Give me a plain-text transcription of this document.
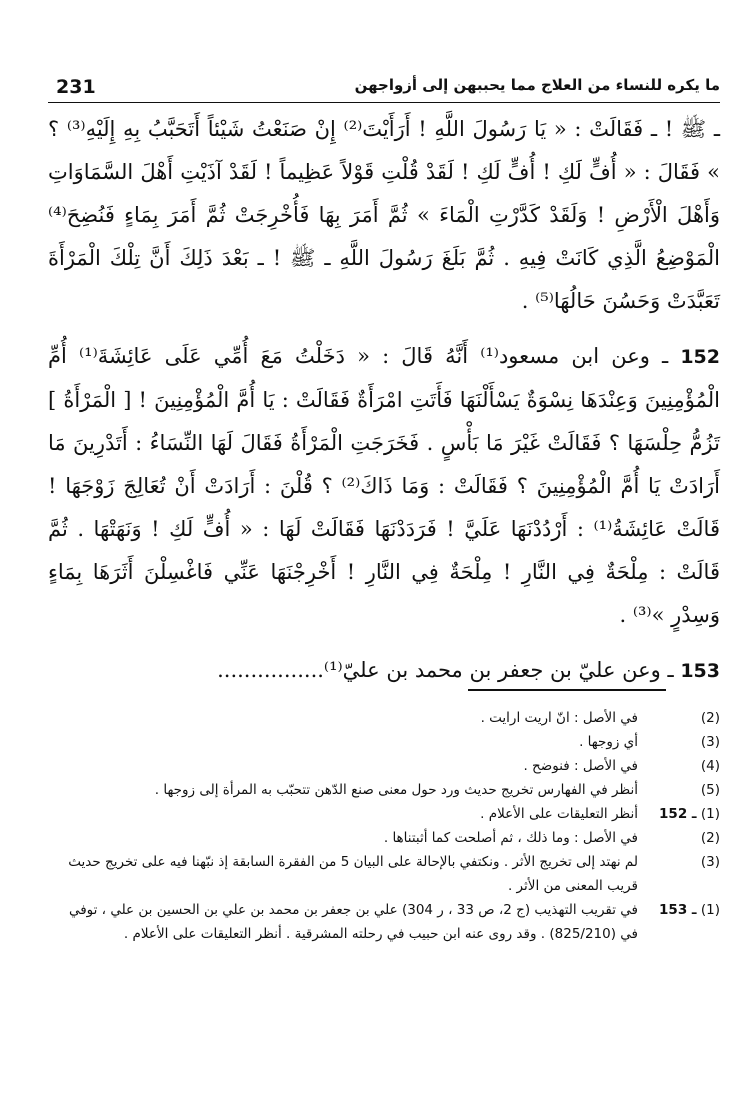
231	ما يكره للنساء من العلاج مما يحببهن إلى أزواجهن

ـ ﷺ ! ـ فَقَالَتْ : « يَا رَسُولَ اللَّهِ ! أَرَأَيْتَ⁽²⁾ إِنْ صَنَعْتُ شَيْئاً أَتَحَبَّبُ بِهِ إِلَيْهِ⁽³⁾ ؟ » فَقَالَ : « أُفٍّ لَكِ ! أُفٍّ لَكِ ! لَقَدْ قُلْتِ قَوْلاً عَظِيماً ! لَقَدْ آذَيْتِ أَهْلَ السَّمَاوَاتِ وَأَهْلَ الْأَرْضِ ! وَلَقَدْ كَدَّرْتِ الْمَاءَ » ثُمَّ أَمَرَ بِهَا فَأُخْرِجَتْ ثُمَّ أَمَرَ بِمَاءٍ فَنُضِحَ⁽⁴⁾ الْمَوْضِعُ الَّذِي كَانَتْ فِيهِ . ثُمَّ بَلَغَ رَسُولَ اللَّهِ ـ ﷺ ! ـ بَعْدَ ذَلِكَ أَنَّ تِلْكَ الْمَرْأَةَ تَعَبَّدَتْ وَحَسُنَ حَالُهَا⁽⁵⁾ .

152 ـ وعن ابن مسعود⁽¹⁾ أَنَّهُ قَالَ : « دَخَلْتُ مَعَ أُمِّي عَلَى عَائِشَةَ⁽¹⁾ أُمِّ الْمُؤْمِنِينَ وَعِنْدَهَا نِسْوَةٌ يَسْأَلْنَهَا فَأَتَتِ امْرَأَةٌ فَقَالَتْ : يَا أُمَّ الْمُؤْمِنِينَ ! [ الْمَرْأَةُ ] تَزُمُّ حِلْسَهَا ؟ فَقَالَتْ غَيْرَ مَا بَأْسٍ . فَخَرَجَتِ الْمَرْأَةُ فَقَالَ لَهَا النِّسَاءُ : أَتَدْرِينَ مَا أَرَادَتْ يَا أُمَّ الْمُؤْمِنِينَ ؟ فَقَالَتْ : وَمَا ذَاكَ⁽²⁾ ؟ قُلْنَ : أَرَادَتْ أَنْ تُعَالِجَ زَوْجَهَا ! قَالَتْ عَائِشَةُ⁽¹⁾ : أَرْدُدْنَهَا عَلَيَّ ! فَرَدَدْنَهَا فَقَالَتْ لَهَا : « أُفٍّ لَكِ ! وَنَهَتْهَا . ثُمَّ قَالَتْ : مِلْحَةٌ فِي النَّارِ ! مِلْحَةٌ فِي النَّارِ ! أَخْرِجْنَهَا عَنِّي فَاغْسِلْنَ أَثَرَهَا بِمَاءٍ وَسِدْرٍ »⁽³⁾ .

153 ـ وعن عليّ بن جعفر بن محمد بن عليّ⁽¹⁾................

(2)
في الأصل : انّ اريت ارايت .
(3)
أي زوجها .
(4)
في الأصل : فنوضح .
(5)
أنظر في الفهارس تخريج حديث ورد حول معنى صنع الدّهن تتحبّب به المرأة إلى زوجها .
(1) 152 ـ
أنظر التعليقات على الأعلام .
(2)
في الأصل : وما ذلك ، ثم أصلحت كما أثبتناها .
(3)
لم نهتد إلى تخريج الأثر . ونكتفي بالإحالة على البيان 5 من الفقرة السابقة إذ نبّهنا فيه على تخريج حديث قريب المعنى من الأثر .
(1) 153 ـ
في تقريب التهذيب (ج 2، ص 33 ، ر 304) علي بن جعفر بن محمد بن علي بن الحسين بن علي ، توفي في (825/210) . وقد روى عنه ابن حبيب في رحلته المشرقية . أنظر التعليقات على الأعلام .
